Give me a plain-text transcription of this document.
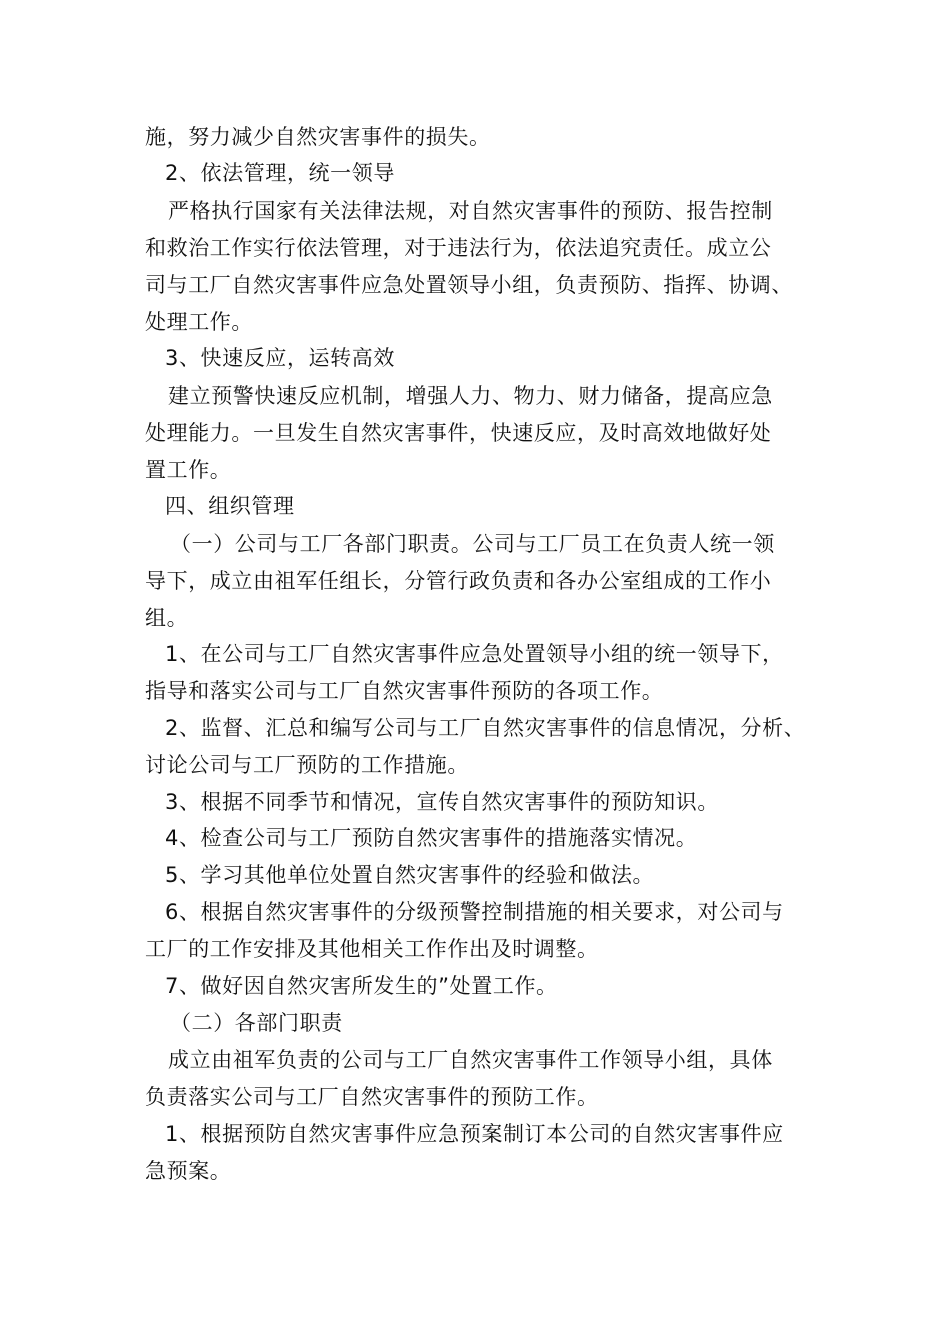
施，努力减少自然灾害事件的损失。
2、依法管理，统一领导
严格执行国家有关法律法规，对自然灾害事件的预防、报告控制
和救治工作实行依法管理，对于违法行为，依法追究责任。成立公
司与工厂自然灾害事件应急处置领导小组，负责预防、指挥、协调、
处理工作。
3、快速反应，运转高效
建立预警快速反应机制，增强人力、物力、财力储备，提高应急
处理能力。一旦发生自然灾害事件，快速反应，及时高效地做好处
置工作。
四、组织管理
（一）公司与工厂各部门职责。公司与工厂员工在负责人统一领
导下，成立由祖军任组长，分管行政负责和各办公室组成的工作小
组。
1、在公司与工厂自然灾害事件应急处置领导小组的统一领导下，
指导和落实公司与工厂自然灾害事件预防的各项工作。
2、监督、汇总和编写公司与工厂自然灾害事件的信息情况，分析、
讨论公司与工厂预防的工作措施。
3、根据不同季节和情况，宣传自然灾害事件的预防知识。
4、检查公司与工厂预防自然灾害事件的措施落实情况。
5、学习其他单位处置自然灾害事件的经验和做法。
6、根据自然灾害事件的分级预警控制措施的相关要求，对公司与
工厂的工作安排及其他相关工作作出及时调整。
7、做好因自然灾害所发生的”处置工作。
（二）各部门职责
成立由祖军负责的公司与工厂自然灾害事件工作领导小组，具体
负责落实公司与工厂自然灾害事件的预防工作。
1、根据预防自然灾害事件应急预案制订本公司的自然灾害事件应
急预案。
